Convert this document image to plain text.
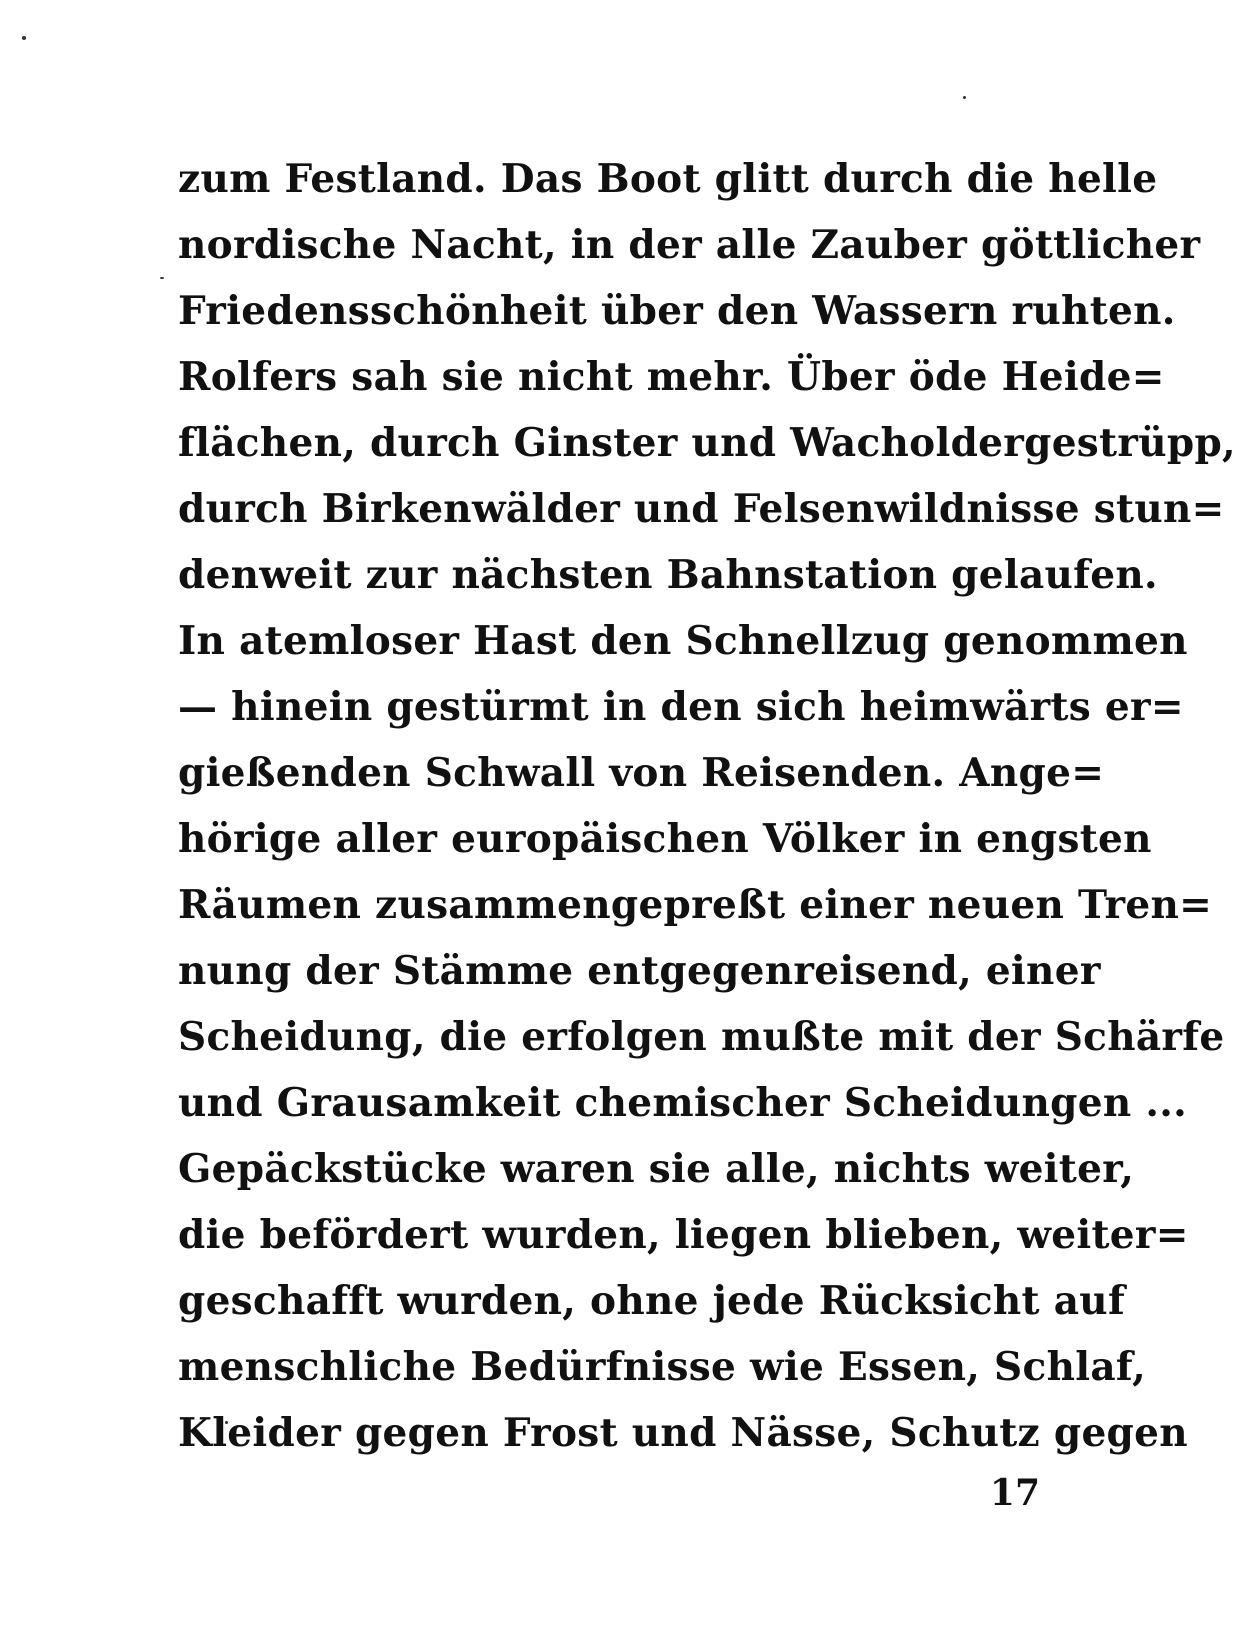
zum Festland. Das Boot glitt durch die helle
nordische Nacht, in der alle Zauber göttlicher
Friedensschönheit über den Wassern ruhten.
Rolfers sah sie nicht mehr. Über öde Heide=
flächen, durch Ginster und Wacholdergestrüpp,
durch Birkenwälder und Felsenwildnisse stun=
denweit zur nächsten Bahnstation gelaufen.
In atemloser Hast den Schnellzug genommen
— hinein gestürmt in den sich heimwärts er=
gießenden Schwall von Reisenden. Ange=
hörige aller europäischen Völker in engsten
Räumen zusammengepreßt einer neuen Tren=
nung der Stämme entgegenreisend, einer
Scheidung, die erfolgen mußte mit der Schärfe
und Grausamkeit chemischer Scheidungen ...
Gepäckstücke waren sie alle, nichts weiter,
die befördert wurden, liegen blieben, weiter=
geschafft wurden, ohne jede Rücksicht auf
menschliche Bedürfnisse wie Essen, Schlaf,
Kleider gegen Frost und Nässe, Schutz gegen
17
